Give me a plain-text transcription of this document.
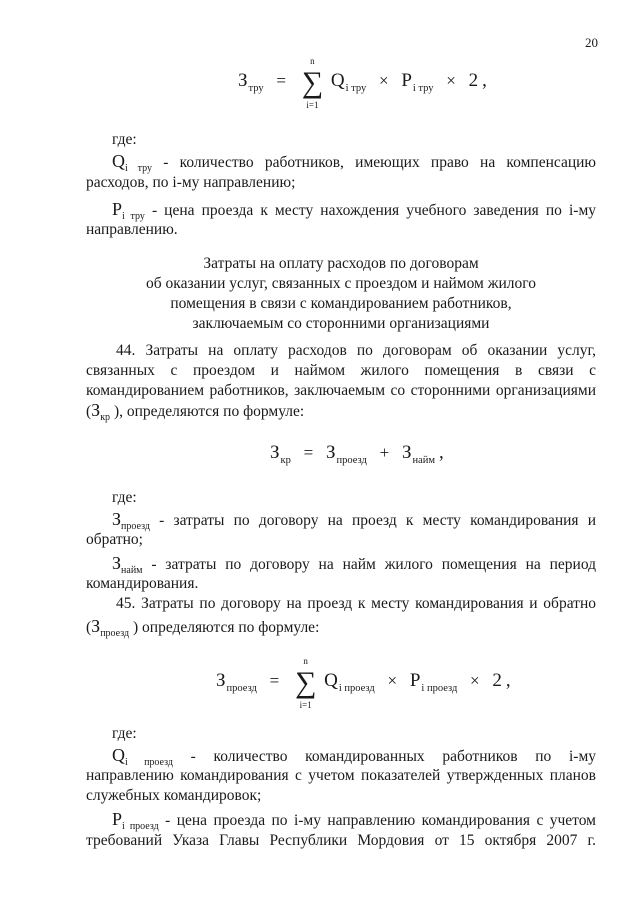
20
$З_{тру}$ = ∑
n
i=1
$Q_{i тру} \times P_{i тру} \times 2$ ,
где:
$Q_{i тру}$ - количество работников, имеющих право на компенсацию
расходов, по i-му направлению;
$P_{i тру}$ - цена проезда к месту нахождения учебного заведения по i-му
направлению.
Затраты на оплату расходов по договорам
об оказании услуг, связанных с проездом и наймом жилого
помещения в связи с командированием работников,
заключаемым со сторонними организациями
44. Затраты на оплату расходов по договорам об оказании услуг,
связанных с проездом и наймом жилого помещения в связи с
командированием работников, заключаемым со сторонними организациями
($З_{кр}$ ), определяются по формуле:
$З_{кр} = З_{проезд} + З_{найм}$ ,
где:
$З_{проезд}$ - затраты по договору на проезд к месту командирования и
обратно;
$З_{найм}$ - затраты по договору на найм жилого помещения на период
командирования.
45. Затраты по договору на проезд к месту командирования и обратно
($З_{проезд}$ ) определяются по формуле:
$З_{проезд}$ = ∑
n
i=1
$Q_{i проезд} \times P_{i проезд} \times 2$ ,
где:
$Q_{i проезд}$ - количество командированных работников по i-му
направлению командирования с учетом показателей утвержденных планов
служебных командировок;
$P_{i проезд}$ - цена проезда по i-му направлению командирования с учетом
требований Указа Главы Республики Мордовия от 15 октября 2007 г.
